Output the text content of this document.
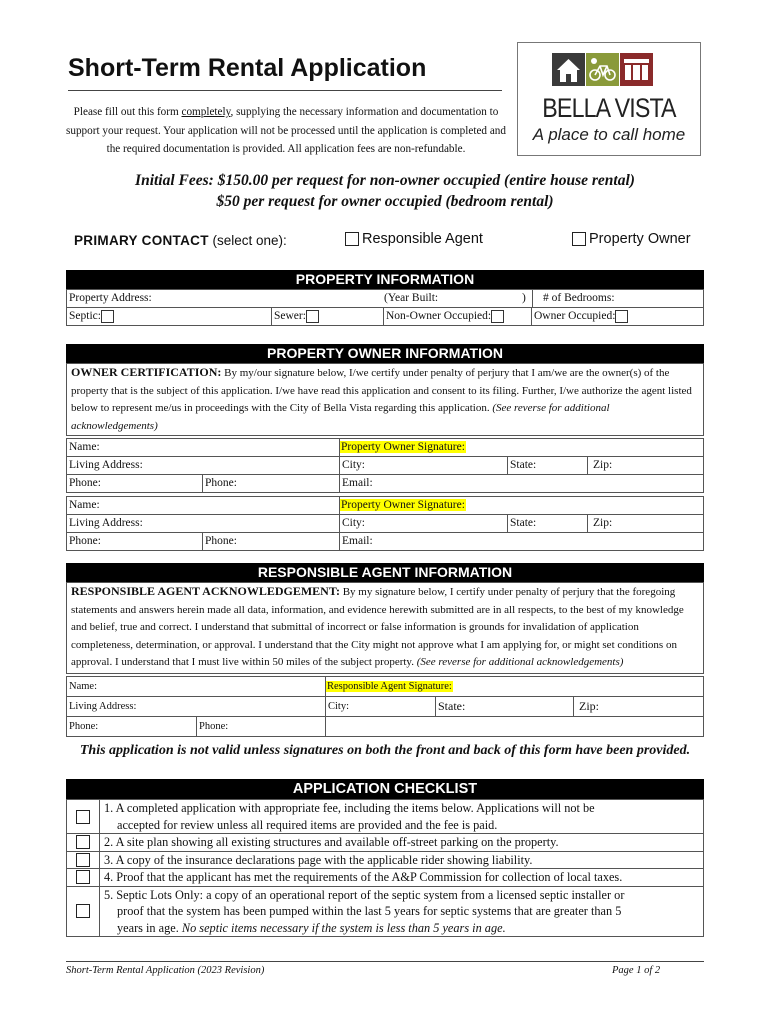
Short-Term Rental Application
Please fill out this form completely, supplying the necessary information and documentation to support your request. Your application will not be processed until the application is completed and the required documentation is provided. All application fees are non-refundable.
BELLA VISTA
A place to call home
Initial Fees: $150.00 per request for non-owner occupied (entire house rental)
$50 per request for owner occupied (bedroom rental)
PRIMARY CONTACT (select one):	Responsible Agent	Property Owner
PROPERTY INFORMATION
Property Address:	(Year Built:	)	# of Bedrooms:
Septic:	Sewer:	Non-Owner Occupied:	Owner Occupied:
PROPERTY OWNER INFORMATION
OWNER CERTIFICATION: By my/our signature below, I/we certify under penalty of perjury that I am/we are the owner(s) of the property that is the subject of this application. I/we have read this application and consent to its filing. Further, I/we authorize the agent listed below to represent me/us in proceedings with the City of Bella Vista regarding this application. (See reverse for additional acknowledgements)
Name:	Property Owner Signature:
Living Address:	City:	State:	Zip:
Phone:	Phone:	Email:
Name:	Property Owner Signature:
Living Address:	City:	State:	Zip:
Phone:	Phone:	Email:
RESPONSIBLE AGENT INFORMATION
RESPONSIBLE AGENT ACKNOWLEDGEMENT: By my signature below, I certify under penalty of perjury that the foregoing statements and answers herein made all data, information, and evidence herewith submitted are in all respects, to the best of my knowledge and belief, true and correct. I understand that submittal of incorrect or false information is grounds for invalidation of application completeness, determination, or approval. I understand that the City might not approve what I am applying for, or might set conditions on approval. I understand that I must live within 50 miles of the subject property. (See reverse for additional acknowledgements)
Name:	Responsible Agent Signature:
Living Address:	City:	State:	Zip:
Phone:	Phone:
This application is not valid unless signatures on both the front and back of this form have been provided.
APPLICATION CHECKLIST
1. A completed application with appropriate fee, including the items below. Applications will not be
accepted for review unless all required items are provided and the fee is paid.
2. A site plan showing all existing structures and available off-street parking on the property.
3. A copy of the insurance declarations page with the applicable rider showing liability.
4. Proof that the applicant has met the requirements of the A&P Commission for collection of local taxes.
5. Septic Lots Only: a copy of an operational report of the septic system from a licensed septic installer or
proof that the system has been pumped within the last 5 years for septic systems that are greater than 5
years in age. No septic items necessary if the system is less than 5 years in age.
Short-Term Rental Application (2023 Revision)	Page 1 of 2
